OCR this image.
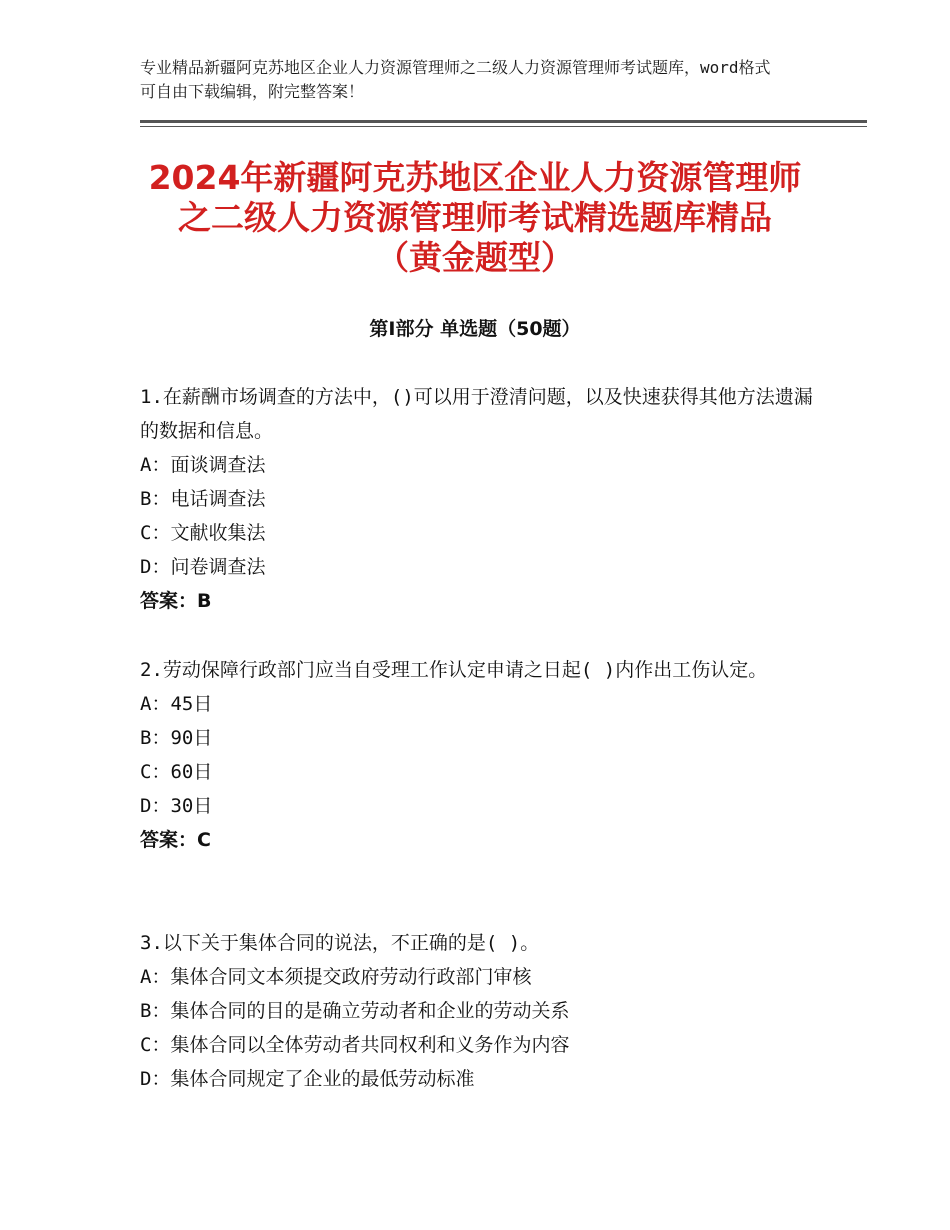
专业精品新疆阿克苏地区企业人力资源管理师之二级人力资源管理师考试题库，word格式可自由下载编辑，附完整答案！
2024年新疆阿克苏地区企业人力资源管理师
之二级人力资源管理师考试精选题库精品
（黄金题型）
第Ⅰ部分 单选题（50题）
1.在薪酬市场调查的方法中，()可以用于澄清问题，以及快速获得其他方法遗漏的数据和信息。
A：面谈调查法
B：电话调查法
C：文献收集法
D：问卷调查法
答案：B
2.劳动保障行政部门应当自受理工作认定申请之日起( )内作出工伤认定。
A：45日
B：90日
C：60日
D：30日
答案：C
3.以下关于集体合同的说法，不正确的是( )。
A：集体合同文本须提交政府劳动行政部门审核
B：集体合同的目的是确立劳动者和企业的劳动关系
C：集体合同以全体劳动者共同权利和义务作为内容
D：集体合同规定了企业的最低劳动标准
